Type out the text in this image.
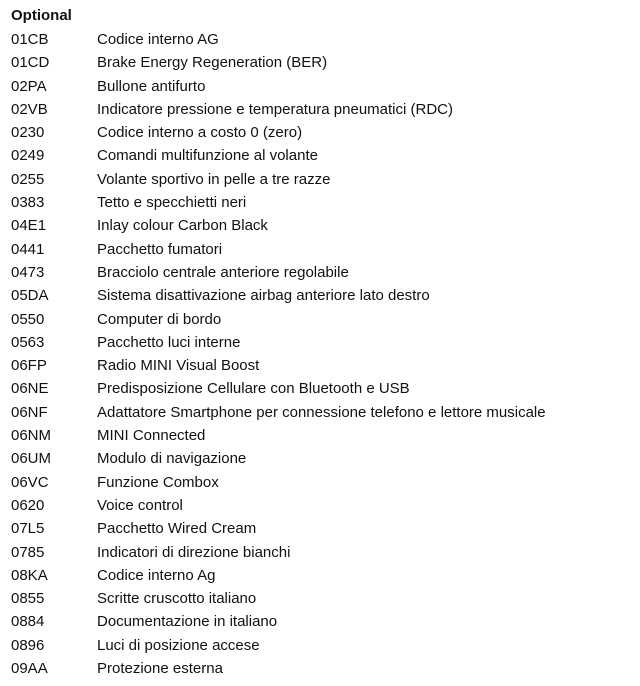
Optional
01CB	Codice interno AG
01CD	Brake Energy Regeneration (BER)
02PA	Bullone antifurto
02VB	Indicatore pressione e temperatura pneumatici (RDC)
0230	Codice interno a costo 0 (zero)
0249	Comandi multifunzione al volante
0255	Volante sportivo in pelle a tre razze
0383	Tetto e specchietti neri
04E1	Inlay colour Carbon Black
0441	Pacchetto fumatori
0473	Bracciolo centrale anteriore regolabile
05DA	Sistema disattivazione airbag anteriore lato destro
0550	Computer di bordo
0563	Pacchetto luci interne
06FP	Radio MINI Visual Boost
06NE	Predisposizione Cellulare con Bluetooth e USB
06NF	Adattatore Smartphone per connessione telefono e lettore musicale
06NM	MINI Connected
06UM	Modulo di navigazione
06VC	Funzione Combox
0620	Voice control
07L5	Pacchetto Wired Cream
0785	Indicatori di direzione bianchi
08KA	Codice interno Ag
0855	Scritte cruscotto italiano
0884	Documentazione in italiano
0896	Luci di posizione accese
09AA	Protezione esterna
